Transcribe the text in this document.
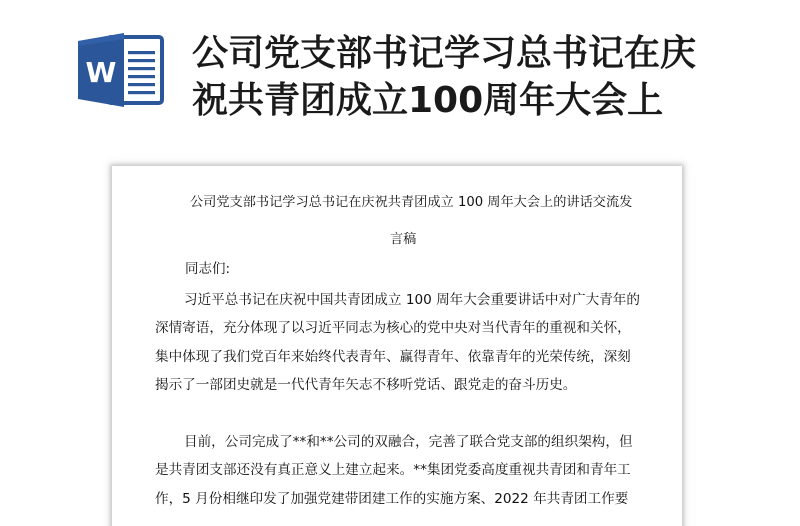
W 公司党支部书记学习总书记在庆
祝共青团成立100周年大会上
公司党支部书记学习总书记在庆祝共青团成立 100 周年大会上的讲话交流发
言稿
同志们:
习近平总书记在庆祝中国共青团成立 100 周年大会重要讲话中对广大青年的
深情寄语，充分体现了以习近平同志为核心的党中央对当代青年的重视和关怀，
集中体现了我们党百年来始终代表青年、赢得青年、依靠青年的光荣传统，深刻
揭示了一部团史就是一代代青年矢志不移听党话、跟党走的奋斗历史。
目前，公司完成了**和**公司的双融合，完善了联合党支部的组织架构，但
是共青团支部还没有真正意义上建立起来。**集团党委高度重视共青团和青年工
作，5 月份相继印发了加强党建带团建工作的实施方案、2022 年共青团工作要
